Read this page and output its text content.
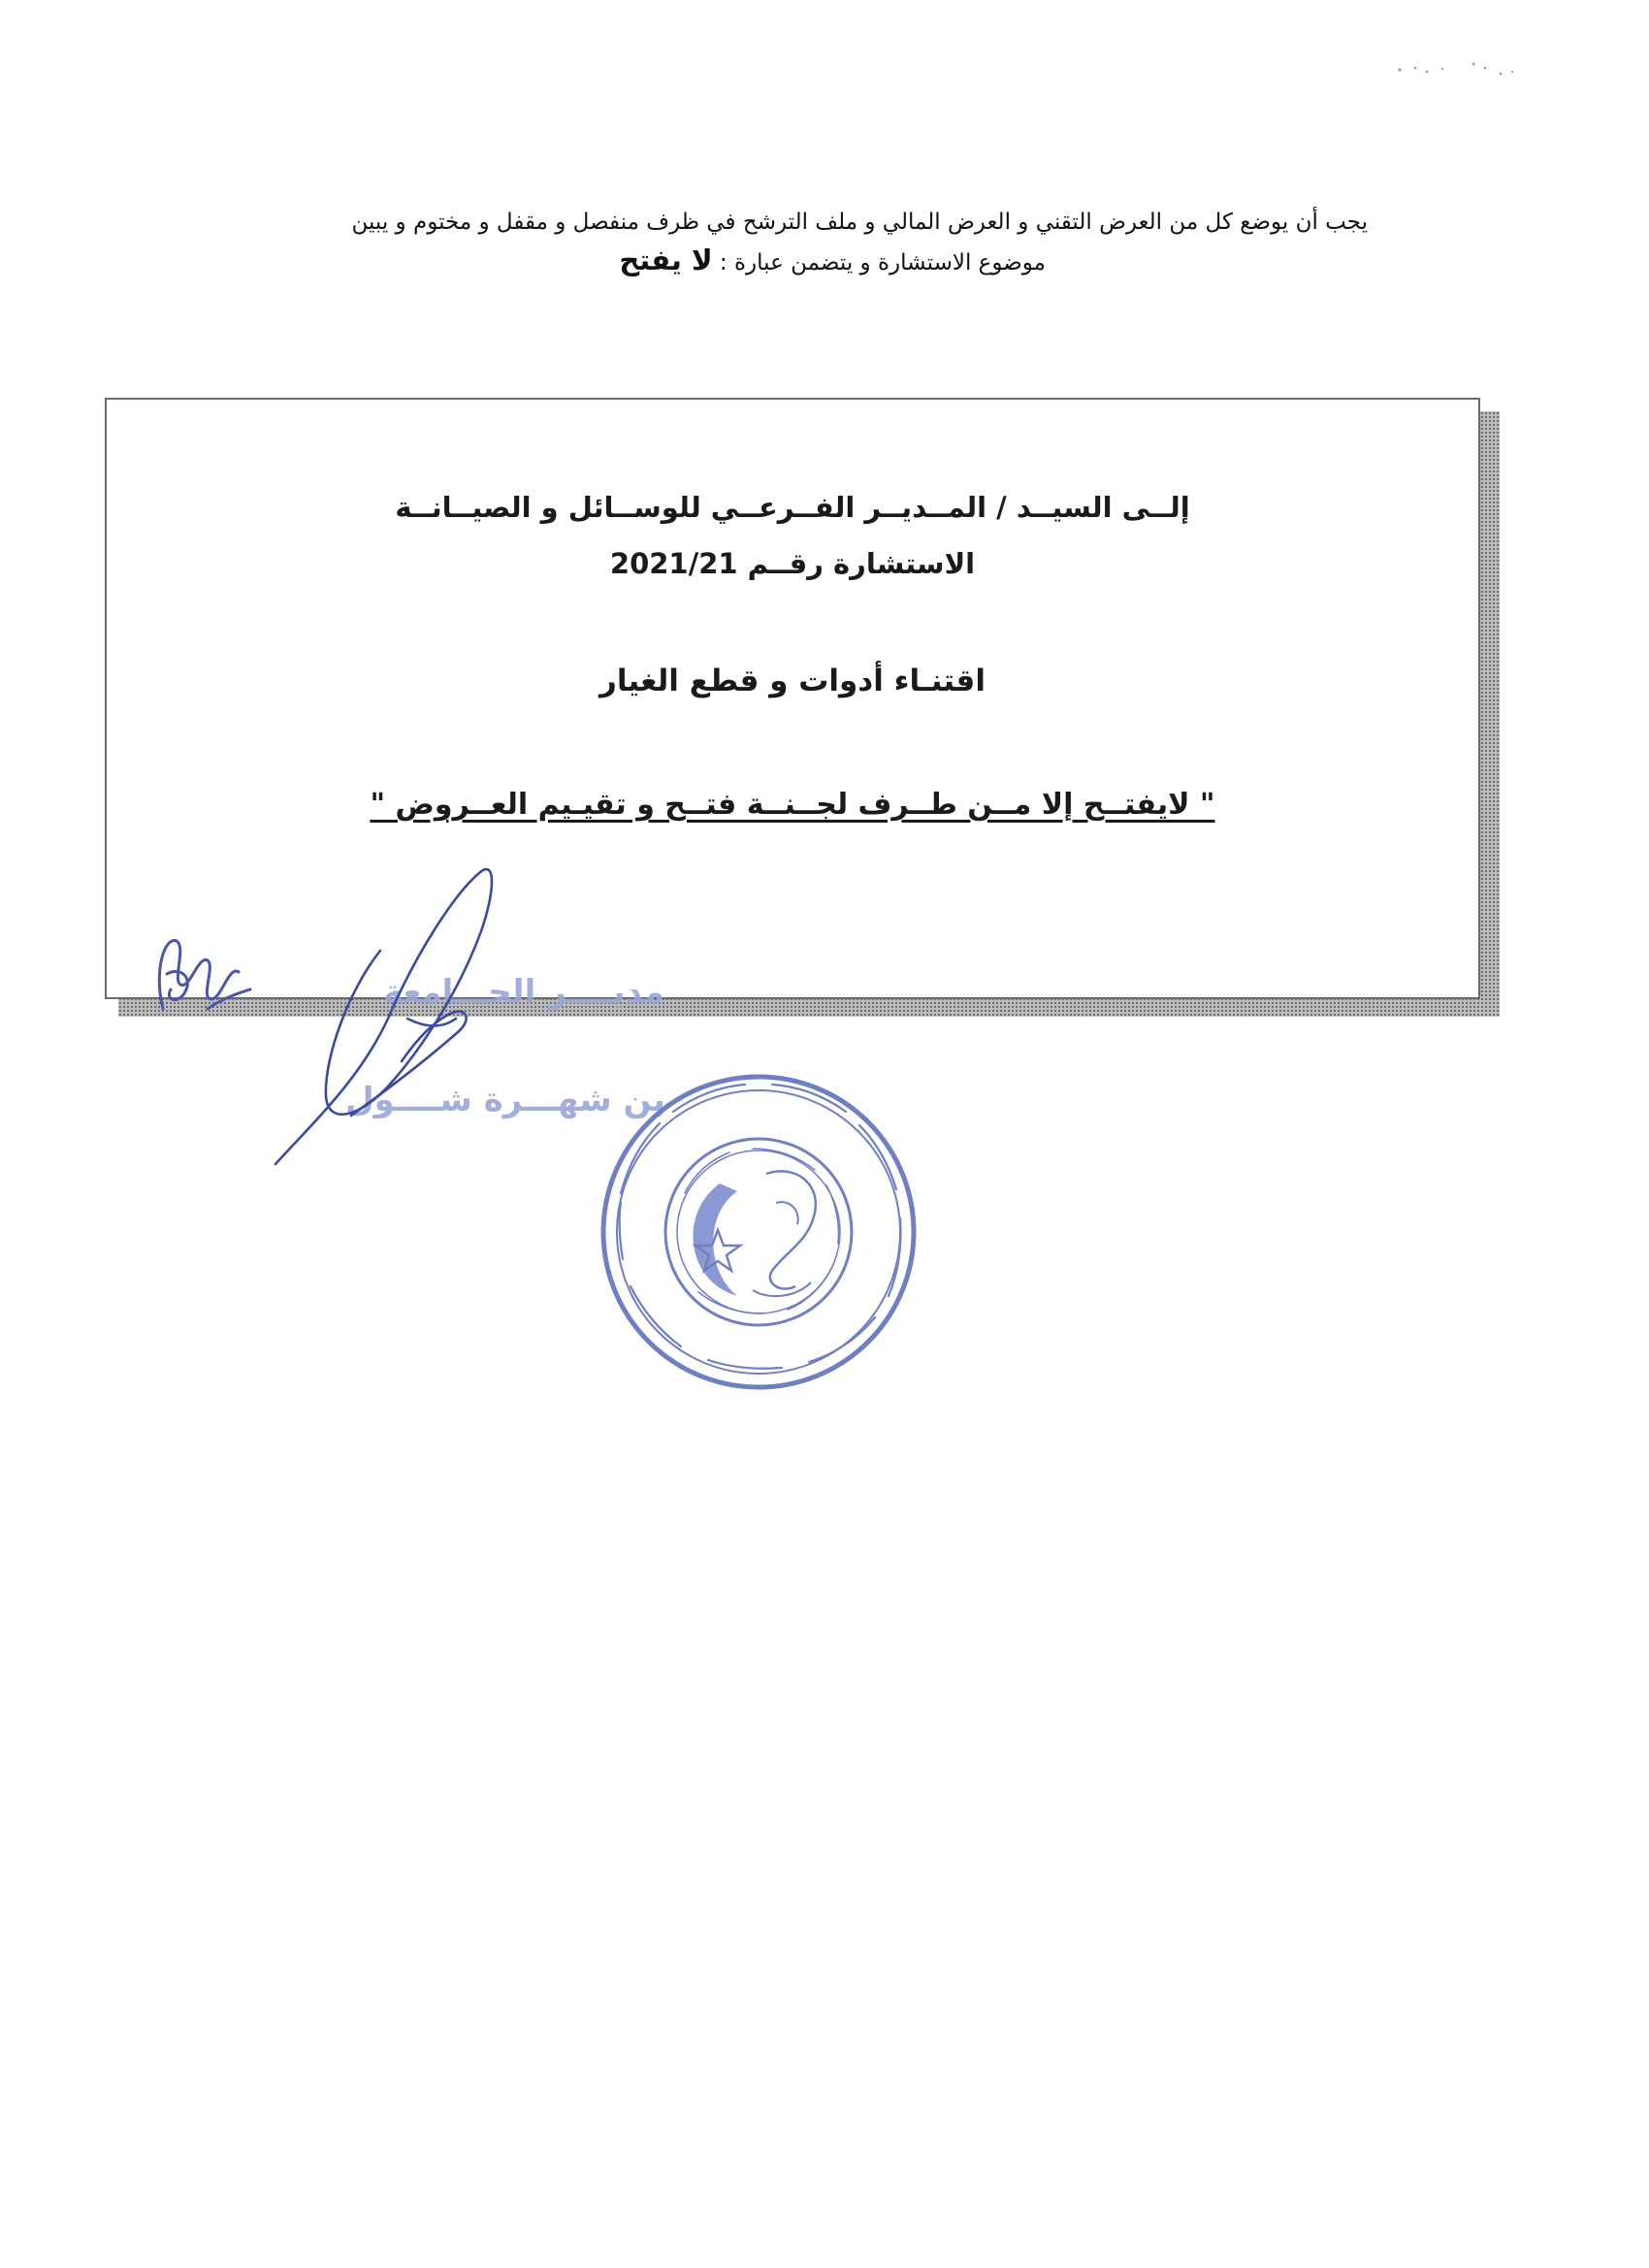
يجب أن يوضع كل من العرض التقني و العرض المالي و ملف الترشح في ظرف منفصل و مقفل و مختوم و يبين
موضوع الاستشارة و يتضمن عبارة : لا يفتح
إلــى السيــد / المــديــر الفــرعــي للوســائل و الصيــانــة
الاستشارة رقــم 2021/21
اقتنـاء أدوات و قطع الغيار
" لايفتــح إلا مــن طــرف لجــنــة فتــح و تقيـيم العــروض "
مديــــر الجـــامعة
بن شهـــرة شــــول
